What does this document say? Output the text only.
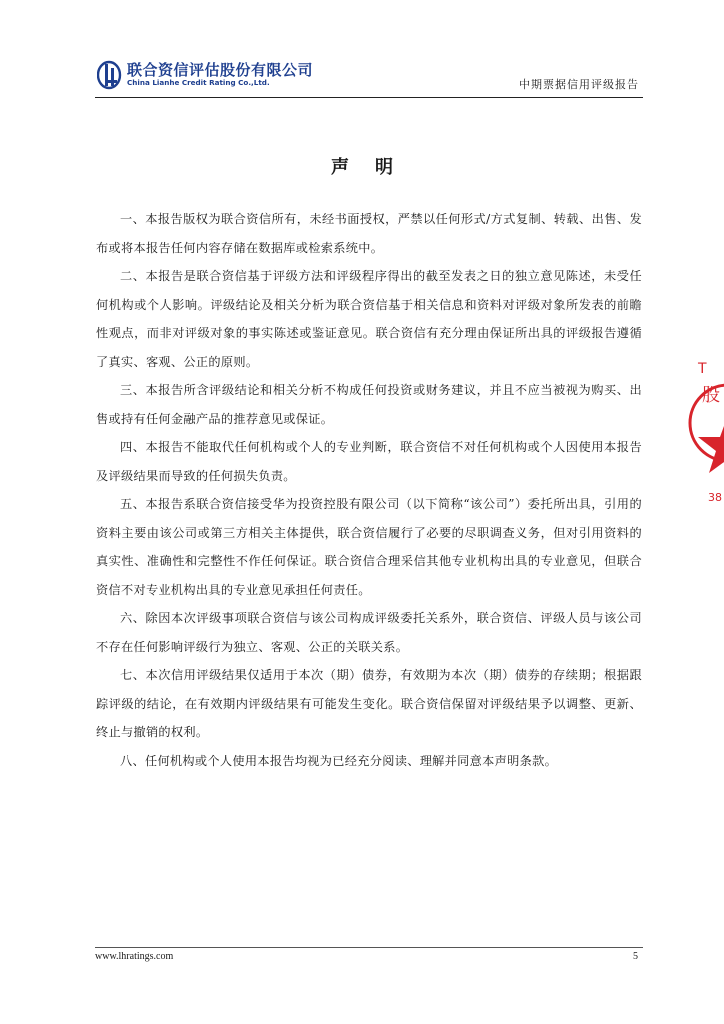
联合资信评估股份有限公司
China Lianhe Credit Rating Co.,Ltd.	中期票据信用评级报告
声明

一、本报告版权为联合资信所有，未经书面授权，严禁以任何形式/方式复制、转载、出售、发布或将本报告任何内容存储在数据库或检索系统中。

二、本报告是联合资信基于评级方法和评级程序得出的截至发表之日的独立意见陈述，未受任何机构或个人影响。评级结论及相关分析为联合资信基于相关信息和资料对评级对象所发表的前瞻性观点，而非对评级对象的事实陈述或鉴证意见。联合资信有充分理由保证所出具的评级报告遵循了真实、客观、公正的原则。

三、本报告所含评级结论和相关分析不构成任何投资或财务建议，并且不应当被视为购买、出售或持有任何金融产品的推荐意见或保证。

四、本报告不能取代任何机构或个人的专业判断，联合资信不对任何机构或个人因使用本报告及评级结果而导致的任何损失负责。

五、本报告系联合资信接受华为投资控股有限公司（以下简称“该公司”）委托所出具，引用的资料主要由该公司或第三方相关主体提供，联合资信履行了必要的尽职调查义务，但对引用资料的真实性、准确性和完整性不作任何保证。联合资信合理采信其他专业机构出具的专业意见，但联合资信不对专业机构出具的专业意见承担任何责任。

六、除因本次评级事项联合资信与该公司构成评级委托关系外，联合资信、评级人员与该公司不存在任何影响评级行为独立、客观、公正的关联关系。

七、本次信用评级结果仅适用于本次（期）债券，有效期为本次（期）债券的存续期；根据跟踪评级的结论，在有效期内评级结果有可能发生变化。联合资信保留对评级结果予以调整、更新、终止与撤销的权利。

八、任何机构或个人使用本报告均视为已经充分阅读、理解并同意本声明条款。

T
股
38
www.lhratings.com	5
